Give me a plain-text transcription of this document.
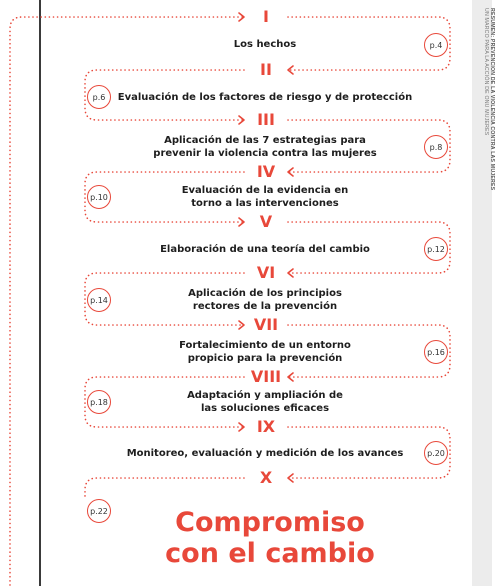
RESUMEN: PREVENCIÓN DE LA VIOLENCIA CONTRA LAS MUJERES
UN MARCO PARA LA ACCIÓN DE ONU MUJERES
I
Los hechos	p.4
II
Evaluación de los factores de riesgo y de protección
p.6
III
Aplicación de las 7 estrategias para
prevenir la violencia contra las mujeres
p.8
IV
Evaluación de la evidencia en
torno a las intervenciones
p.10
V
Elaboración de una teoría del cambio	p.12
VI
Aplicación de los principios
rectores de la prevención
p.14
VII
Fortalecimiento de un entorno
propicio para la prevención
p.16
VIII
Adaptación y ampliación de
las soluciones eficaces
p.18
IX
Monitoreo, evaluación y medición de los avances	p.20
X
p.22	Compromiso
con el cambio
